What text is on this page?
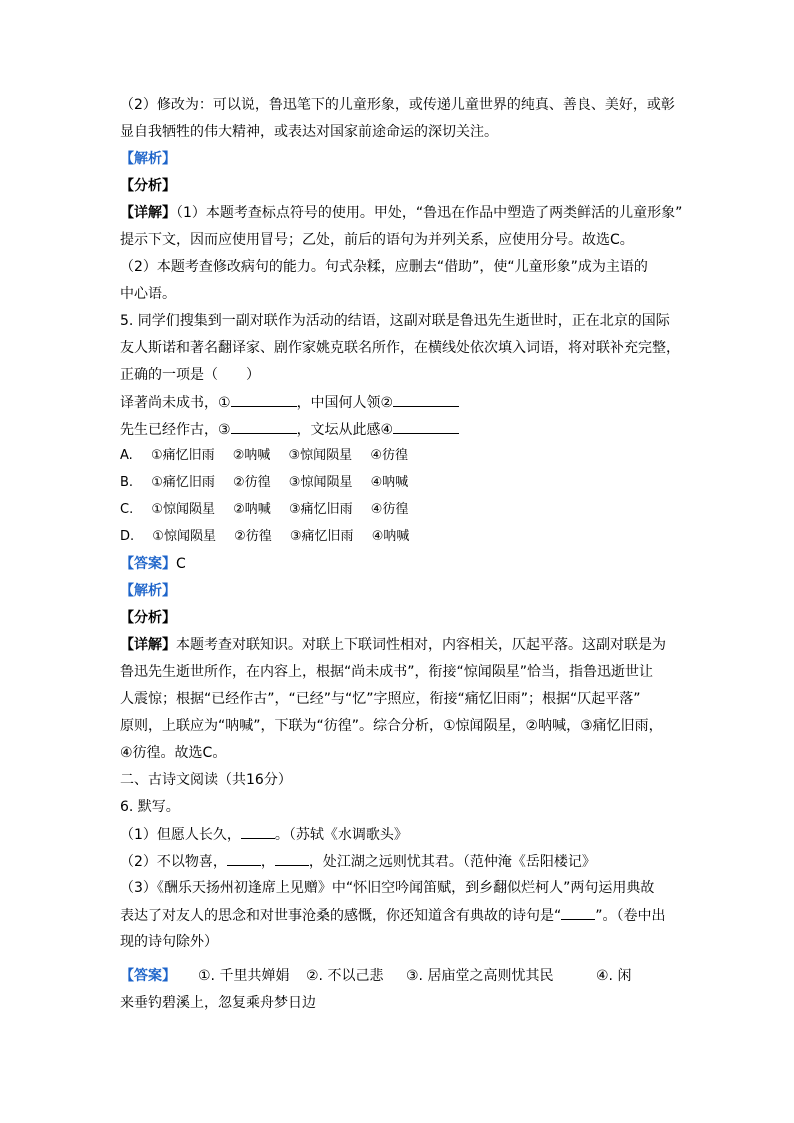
（2）修改为：可以说，鲁迅笔下的儿童形象，或传递儿童世界的纯真、善良、美好，或彰
显自我牺牲的伟大精神，或表达对国家前途命运的深切关注。
【解析】
【分析】
【详解】（1）本题考查标点符号的使用。甲处，“鲁迅在作品中塑造了两类鲜活的儿童形象”
提示下文，因而应使用冒号；乙处，前后的语句为并列关系，应使用分号。故选C。
（2）本题考查修改病句的能力。句式杂糅，应删去“借助”，使“儿童形象”成为主语的
中心语。
5. 同学们搜集到一副对联作为活动的结语，这副对联是鲁迅先生逝世时，正在北京的国际
友人斯诺和著名翻译家、剧作家姚克联名所作，在横线处依次填入词语，将对联补充完整，
正确的一项是（　　）
译著尚未成书，①	，中国何人领②
先生已经作古，③	，文坛从此感④
A. ①痛忆旧雨 ②呐喊 ③惊闻陨星 ④彷徨
B. ①痛忆旧雨 ②彷徨 ③惊闻陨星 ④呐喊
C. ①惊闻陨星 ②呐喊 ③痛忆旧雨 ④彷徨
D. ①惊闻陨星 ②彷徨 ③痛忆旧雨 ④呐喊
【答案】C
【解析】
【分析】
【详解】本题考查对联知识。对联上下联词性相对，内容相关，仄起平落。这副对联是为
鲁迅先生逝世所作，在内容上，根据“尚未成书”，衔接“惊闻陨星”恰当，指鲁迅逝世让
人震惊；根据“已经作古”，“已经”与“忆”字照应，衔接“痛忆旧雨”；根据“仄起平落”
原则，上联应为“呐喊”，下联为“彷徨”。综合分析，①惊闻陨星，②呐喊，③痛忆旧雨，
④彷徨。故选C。
二、古诗文阅读（共16分）
6. 默写。
（1）但愿人长久， 。（苏轼《水调歌头》
（2）不以物喜， ， ，处江湖之远则忧其君。（范仲淹《岳阳楼记》
（3）《酬乐天扬州初逢席上见赠》中“怀旧空吟闻笛赋，到乡翻似烂柯人”两句运用典故
表达了对友人的思念和对世事沧桑的感慨，你还知道含有典故的诗句是“ ”。（卷中出
现的诗句除外）
【答案】 ①. 千里共婵娟 ②. 不以己悲 ③. 居庙堂之高则忧其民	④. 闲
来垂钓碧溪上，忽复乘舟梦日边
